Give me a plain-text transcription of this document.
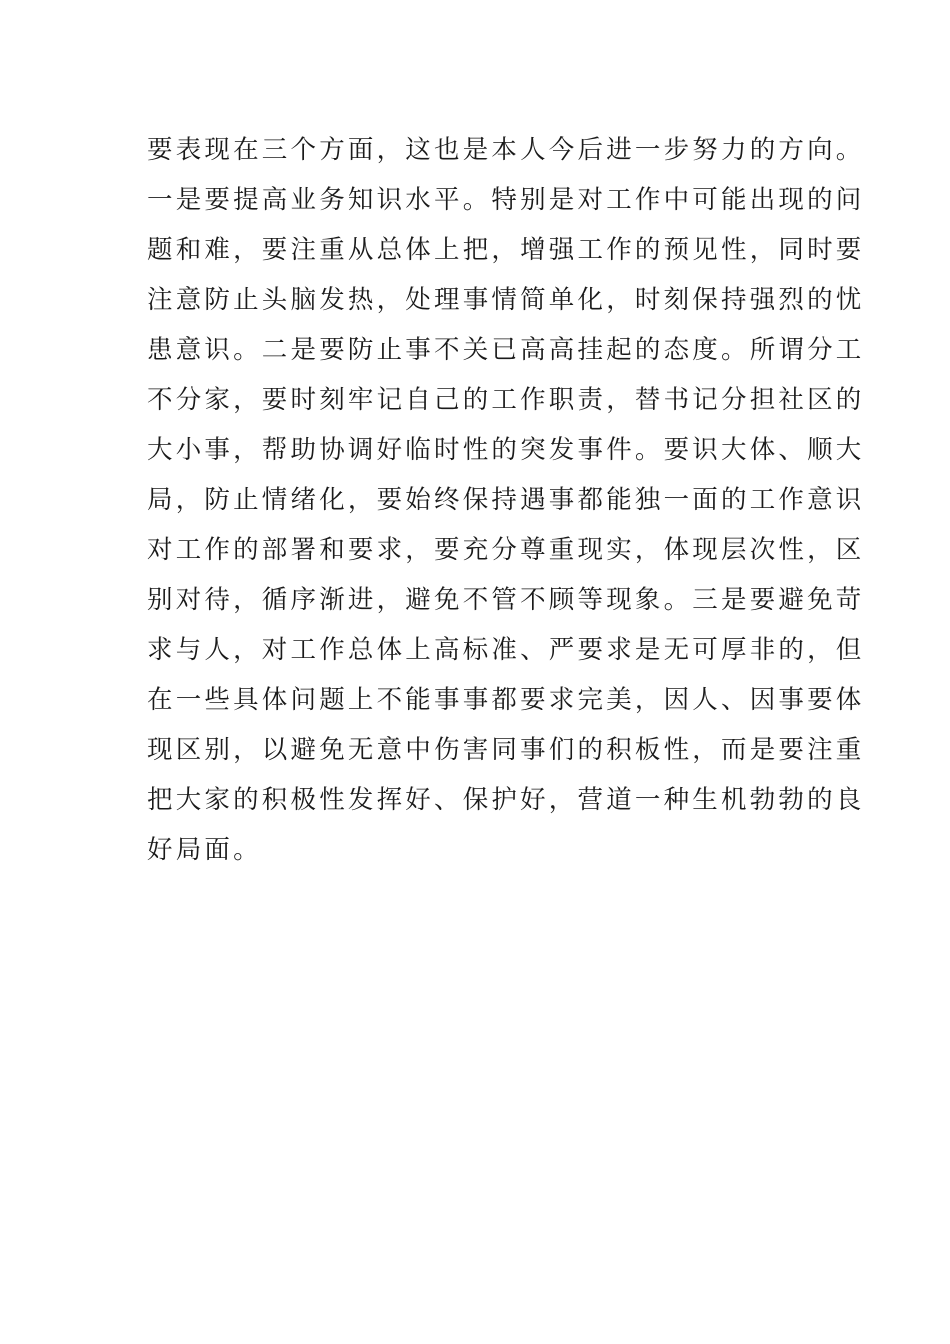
要表现在三个方面，这也是本人今后进一步努力的方向。
一是要提高业务知识水平。特别是对工作中可能出现的问
题和难，要注重从总体上把，增强工作的预见性，同时要
注意防止头脑发热，处理事情简单化，时刻保持强烈的忧
患意识。二是要防止事不关已高高挂起的态度。所谓分工
不分家，要时刻牢记自己的工作职责，替书记分担社区的
大小事，帮助协调好临时性的突发事件。要识大体、顺大
局，防止情绪化，要始终保持遇事都能独一面的工作意识
对工作的部署和要求，要充分尊重现实，体现层次性，区
别对待，循序渐进，避免不管不顾等现象。三是要避免苛
求与人，对工作总体上高标准、严要求是无可厚非的，但
在一些具体问题上不能事事都要求完美，因人、因事要体
现区别，以避免无意中伤害同事们的积板性，而是要注重
把大家的积极性发挥好、保护好，营道一种生机勃勃的良
好局面。
